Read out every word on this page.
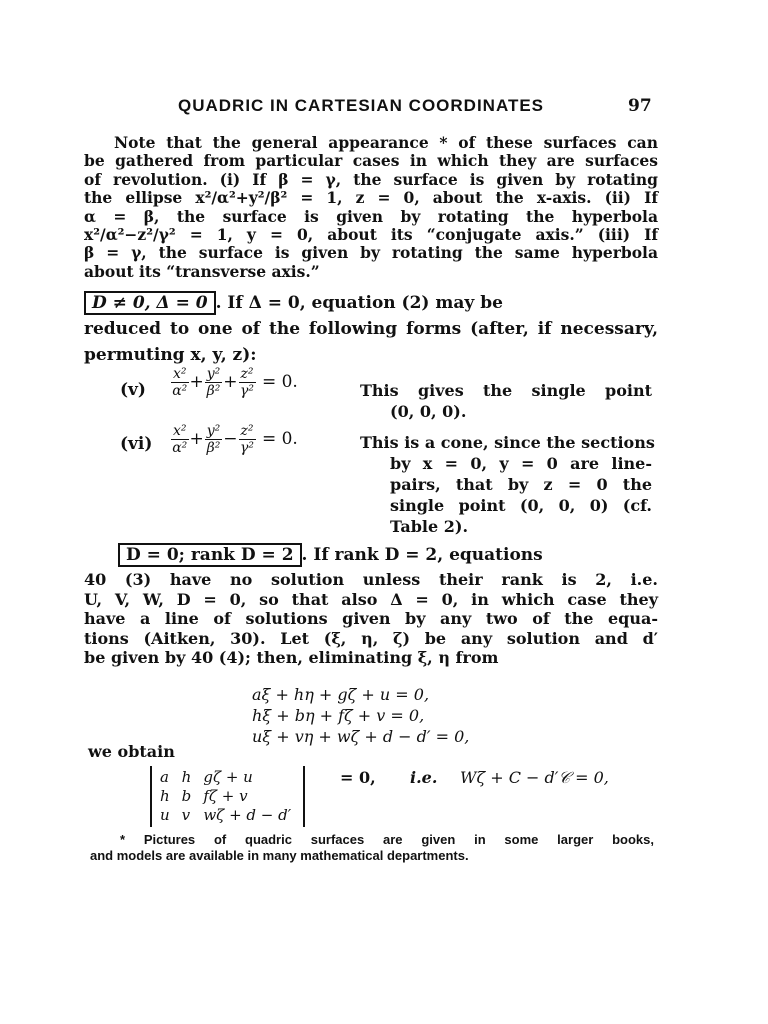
QUADRIC IN CARTESIAN COORDINATES	97
Note that the general appearance * of these surfaces can
be gathered from particular cases in which they are surfaces
of revolution. (i) If β = γ, the surface is given by rotating
the ellipse x²/α²+y²/β² = 1, z = 0, about the x-axis. (ii) If
α = β, the surface is given by rotating the hyperbola
x²/α²−z²/γ² = 1, y = 0, about its “conjugate axis.” (iii) If
β = γ, the surface is given by rotating the same hyperbola
about its “transverse axis.”
D ≠ 0, Δ = 0 . If Δ = 0, equation (2) may be
reduced to one of the following forms (after, if necessary,
permuting x, y, z):
$(v) \frac{\text{x²}}{\text{α²}} + \frac{\text{y²}}{\text{β²}} + \frac{\text{z²}}{\text{γ²}} = 0$.	This gives the single point
(0, 0, 0).
$(vi) \frac{\text{x²}}{\text{α²}} + \frac{\text{y²}}{\text{β²}} - \frac{\text{z²}}{\text{γ²}} = 0$.	This is a cone, since the sections
by x = 0, y = 0 are line-
pairs, that by z = 0 the
single point (0, 0, 0) (cf.
Table 2).
D = 0; rank D = 2 . If rank D = 2, equations
40 (3) have no solution unless their rank is 2, i.e.
U, V, W, D = 0, so that also Δ = 0, in which case they
have a line of solutions given by any two of the equa-
tions (Aitken, 30). Let (ξ, η, ζ) be any solution and d′
be given by 40 (4); then, eliminating ξ, η from
aξ + hη + gζ + u = 0,
hξ + bη + fζ + v = 0,
uξ + vη + wζ + d − d′ = 0,
we obtain
a	h	gζ + u
h	b	fζ + v
u	v	wζ + d − d′
= 0, i.e. Wζ + C − d′𝒞 = 0,
* Pictures of quadric surfaces are given in some larger books,
and models are available in many mathematical departments.
